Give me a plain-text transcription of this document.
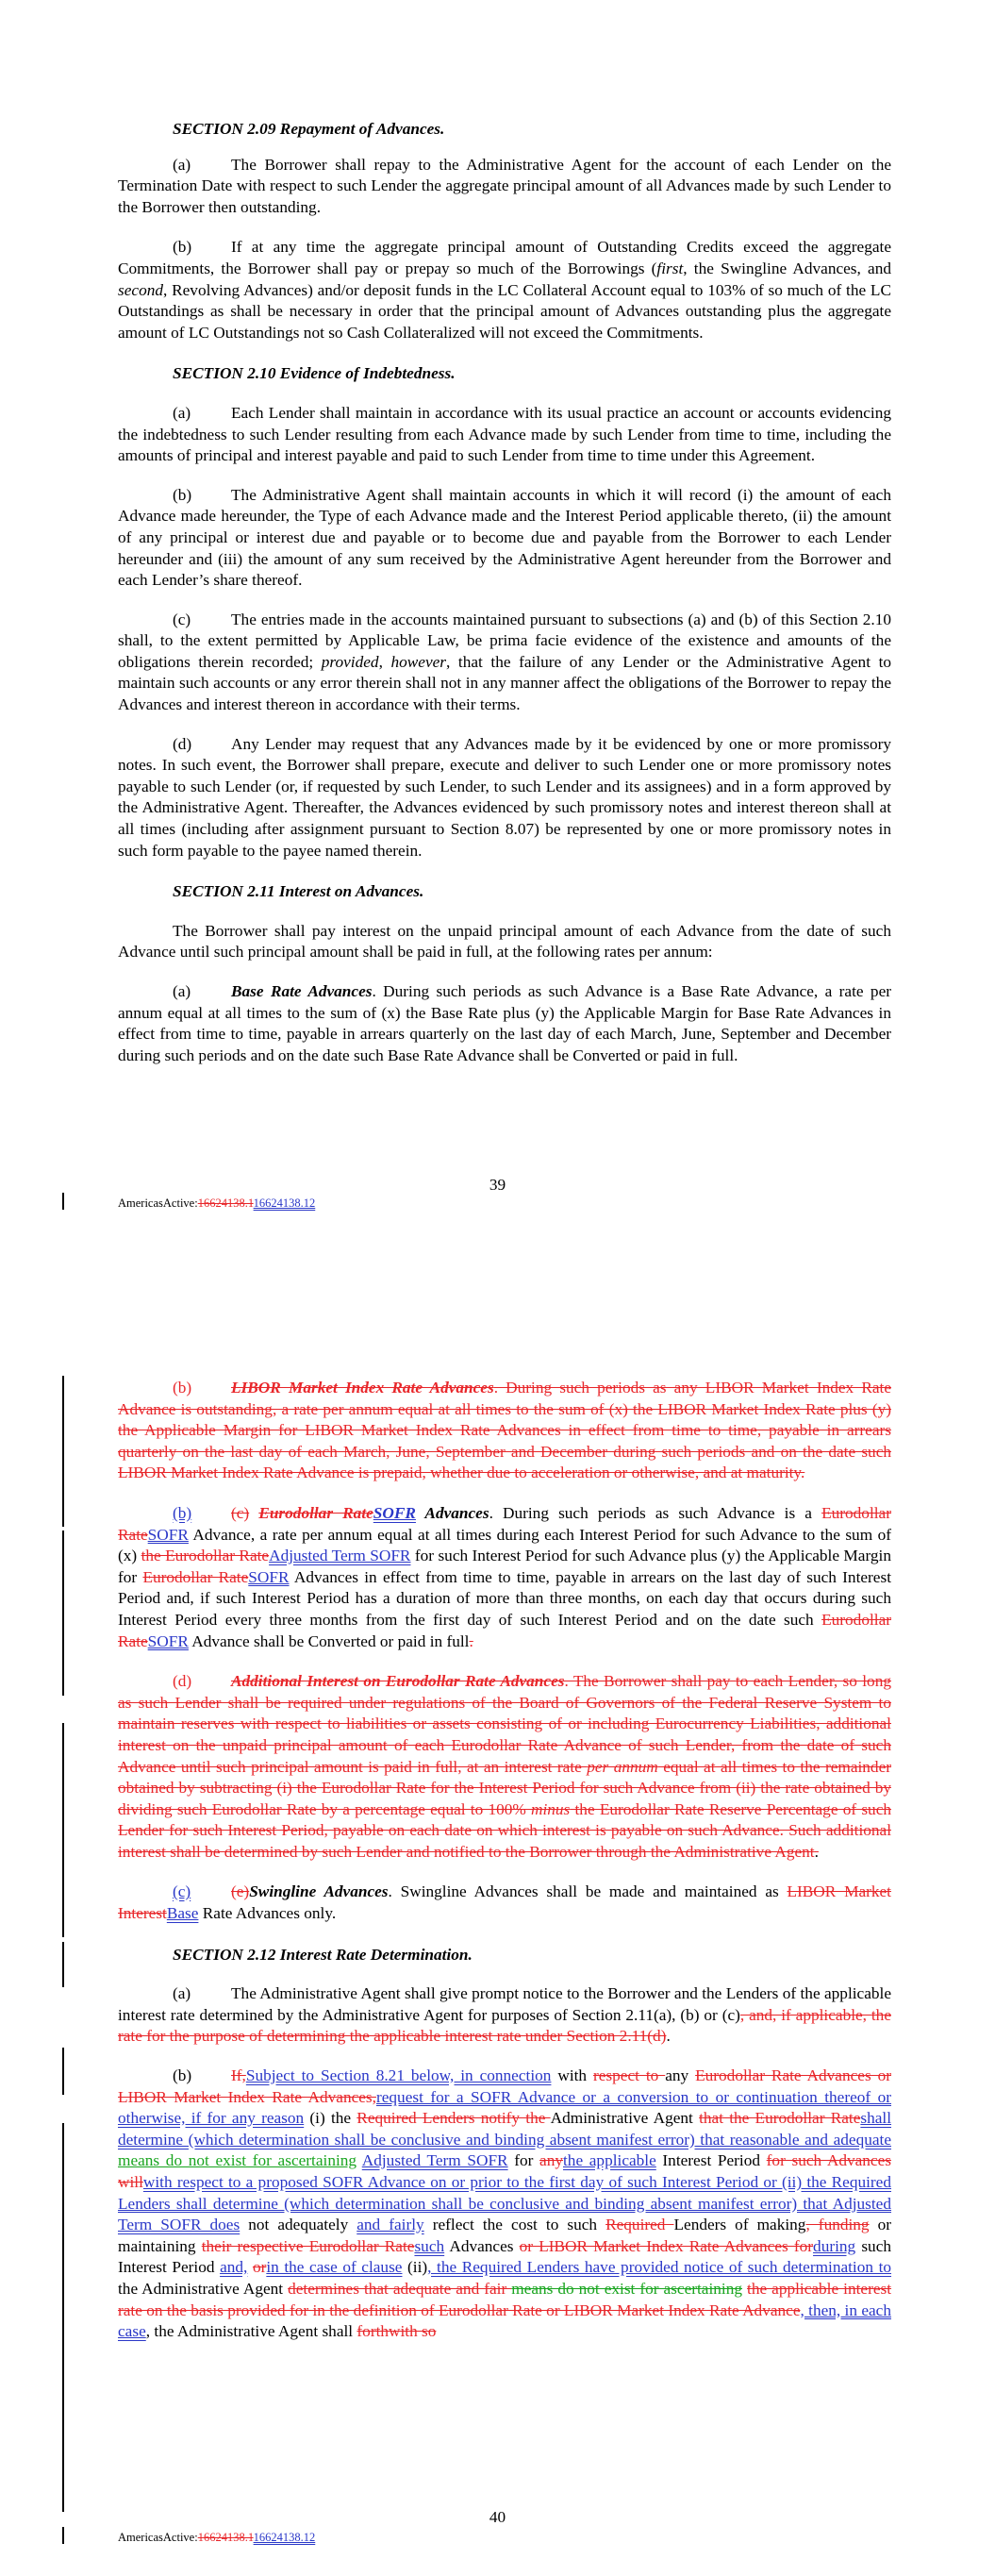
SECTION 2.09 Repayment of Advances.

(a) The Borrower shall repay to the Administrative Agent for the account of each Lender on the Termination Date with respect to such Lender the aggregate principal amount of all Advances made by such Lender to the Borrower then outstanding.

(b) If at any time the aggregate principal amount of Outstanding Credits exceed the aggregate Commitments, the Borrower shall pay or prepay so much of the Borrowings (first, the Swingline Advances, and second, Revolving Advances) and/or deposit funds in the LC Collateral Account equal to 103% of so much of the LC Outstandings as shall be necessary in order that the principal amount of Advances outstanding plus the aggregate amount of LC Outstandings not so Cash Collateralized will not exceed the Commitments.

SECTION 2.10 Evidence of Indebtedness.

(a) Each Lender shall maintain in accordance with its usual practice an account or accounts evidencing the indebtedness to such Lender resulting from each Advance made by such Lender from time to time, including the amounts of principal and interest payable and paid to such Lender from time to time under this Agreement.

(b) The Administrative Agent shall maintain accounts in which it will record (i) the amount of each Advance made hereunder, the Type of each Advance made and the Interest Period applicable thereto, (ii) the amount of any principal or interest due and payable or to become due and payable from the Borrower to each Lender hereunder and (iii) the amount of any sum received by the Administrative Agent hereunder from the Borrower and each Lender’s share thereof.

(c) The entries made in the accounts maintained pursuant to subsections (a) and (b) of this Section 2.10 shall, to the extent permitted by Applicable Law, be prima facie evidence of the existence and amounts of the obligations therein recorded; provided, however, that the failure of any Lender or the Administrative Agent to maintain such accounts or any error therein shall not in any manner affect the obligations of the Borrower to repay the Advances and interest thereon in accordance with their terms.

(d) Any Lender may request that any Advances made by it be evidenced by one or more promissory notes. In such event, the Borrower shall prepare, execute and deliver to such Lender one or more promissory notes payable to such Lender (or, if requested by such Lender, to such Lender and its assignees) and in a form approved by the Administrative Agent. Thereafter, the Advances evidenced by such promissory notes and interest thereon shall at all times (including after assignment pursuant to Section 8.07) be represented by one or more promissory notes in such form payable to the payee named therein.

SECTION 2.11 Interest on Advances.

The Borrower shall pay interest on the unpaid principal amount of each Advance from the date of such Advance until such principal amount shall be paid in full, at the following rates per annum:

(a) Base Rate Advances. During such periods as such Advance is a Base Rate Advance, a rate per annum equal at all times to the sum of (x) the Base Rate plus (y) the Applicable Margin for Base Rate Advances in effect from time to time, payable in arrears quarterly on the last day of each March, June, September and December during such periods and on the date such Base Rate Advance shall be Converted or paid in full.

39
AmericasActive:16624138.116624138.12

(b) LIBOR Market Index Rate Advances. During such periods as any LIBOR Market Index Rate Advance is outstanding, a rate per annum equal at all times to the sum of (x) the LIBOR Market Index Rate plus (y) the Applicable Margin for LIBOR Market Index Rate Advances in effect from time to time, payable in arrears quarterly on the last day of each March, June, September and December during such periods and on the date such LIBOR Market Index Rate Advance is prepaid, whether due to acceleration or otherwise, and at maturity.

(b) (c) Eurodollar RateSOFR Advances. During such periods as such Advance is a Eurodollar RateSOFR Advance, a rate per annum equal at all times during each Interest Period for such Advance to the sum of (x) the Eurodollar RateAdjusted Term SOFR for such Interest Period for such Advance plus (y) the Applicable Margin for Eurodollar RateSOFR Advances in effect from time to time, payable in arrears on the last day of such Interest Period and, if such Interest Period has a duration of more than three months, on each day that occurs during such Interest Period every three months from the first day of such Interest Period and on the date such Eurodollar RateSOFR Advance shall be Converted or paid in full.

(d) Additional Interest on Eurodollar Rate Advances. The Borrower shall pay to each Lender, so long as such Lender shall be required under regulations of the Board of Governors of the Federal Reserve System to maintain reserves with respect to liabilities or assets consisting of or including Eurocurrency Liabilities, additional interest on the unpaid principal amount of each Eurodollar Rate Advance of such Lender, from the date of such Advance until such principal amount is paid in full, at an interest rate per annum equal at all times to the remainder obtained by subtracting (i) the Eurodollar Rate for the Interest Period for such Advance from (ii) the rate obtained by dividing such Eurodollar Rate by a percentage equal to 100% minus the Eurodollar Rate Reserve Percentage of such Lender for such Interest Period, payable on each date on which interest is payable on such Advance. Such additional interest shall be determined by such Lender and notified to the Borrower through the Administrative Agent.

(c) (e)Swingline Advances. Swingline Advances shall be made and maintained as LIBOR Market InterestBase Rate Advances only.

SECTION 2.12 Interest Rate Determination.

(a) The Administrative Agent shall give prompt notice to the Borrower and the Lenders of the applicable interest rate determined by the Administrative Agent for purposes of Section 2.11(a), (b) or (c), and, if applicable, the rate for the purpose of determining the applicable interest rate under Section 2.11(d).

(b) If,Subject to Section 8.21 below, in connection with respect to any Eurodollar Rate Advances or LIBOR Market Index Rate Advances,request for a SOFR Advance or a conversion to or continuation thereof or otherwise, if for any reason (i) the Required Lenders notify the Administrative Agent that the Eurodollar Rateshall determine (which determination shall be conclusive and binding absent manifest error) that reasonable and adequate means do not exist for ascertaining Adjusted Term SOFR for anythe applicable Interest Period for such Advances willwith respect to a proposed SOFR Advance on or prior to the first day of such Interest Period or (ii) the Required Lenders shall determine (which determination shall be conclusive and binding absent manifest error) that Adjusted Term SOFR does not adequately and fairly reflect the cost to such Required Lenders of making, funding or maintaining their respective Eurodollar Ratesuch Advances or LIBOR Market Index Rate Advances forduring such Interest Period and, orin the case of clause (ii), the Required Lenders have provided notice of such determination to the Administrative Agent determines that adequate and fair means do not exist for ascertaining the applicable interest rate on the basis provided for in the definition of Eurodollar Rate or LIBOR Market Index Rate Advance, then, in each case, the Administrative Agent shall forthwith so

40
AmericasActive:16624138.116624138.12
